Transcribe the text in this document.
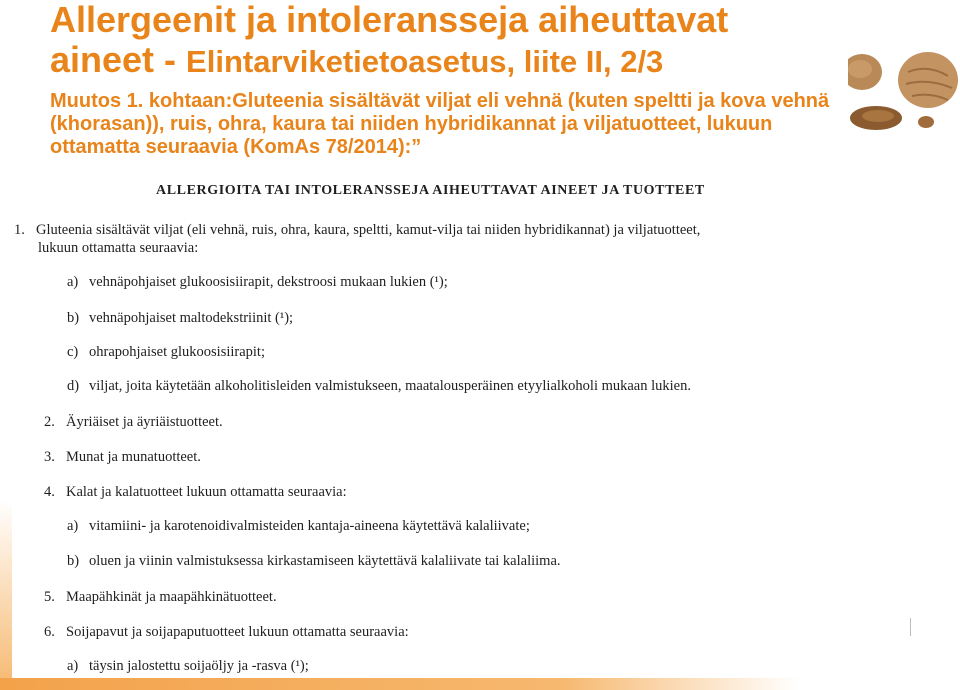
Allergeenit ja intoleransseja aiheuttavat
aineet - Elintarviketietoasetus, liite II, 2/3

Muutos 1. kohtaan:Gluteenia sisältävät viljat eli vehnä (kuten speltti ja kova vehnä (khorasan)), ruis, ohra, kaura tai niiden hybridikannat ja viljatuotteet, lukuun ottamatta seuraavia (KomAs 78/2014):”

ALLERGIOITA TAI INTOLERANSSEJA AIHEUTTAVAT AINEET JA TUOTTEET
1. Gluteenia sisältävät viljat (eli vehnä, ruis, ohra, kaura, speltti, kamut-vilja tai niiden hybridikannat) ja viljatuotteet,
lukuun ottamatta seuraavia:
a) vehnäpohjaiset glukoosisiirapit, dekstroosi mukaan lukien (¹);
b) vehnäpohjaiset maltodekstriinit (¹);
c) ohrapohjaiset glukoosisiirapit;
d) viljat, joita käytetään alkoholitisleiden valmistukseen, maatalousperäinen etyylialkoholi mukaan lukien.
2. Äyriäiset ja äyriäistuotteet.
3. Munat ja munatuotteet.
4. Kalat ja kalatuotteet lukuun ottamatta seuraavia:
a) vitamiini- ja karotenoidivalmisteiden kantaja-aineena käytettävä kalaliivate;
b) oluen ja viinin valmistuksessa kirkastamiseen käytettävä kalaliivate tai kalaliima.
5. Maapähkinät ja maapähkinätuotteet.
6. Soijapavut ja soijapaputuotteet lukuun ottamatta seuraavia:
a) täysin jalostettu soijaöljy ja -rasva (¹);
